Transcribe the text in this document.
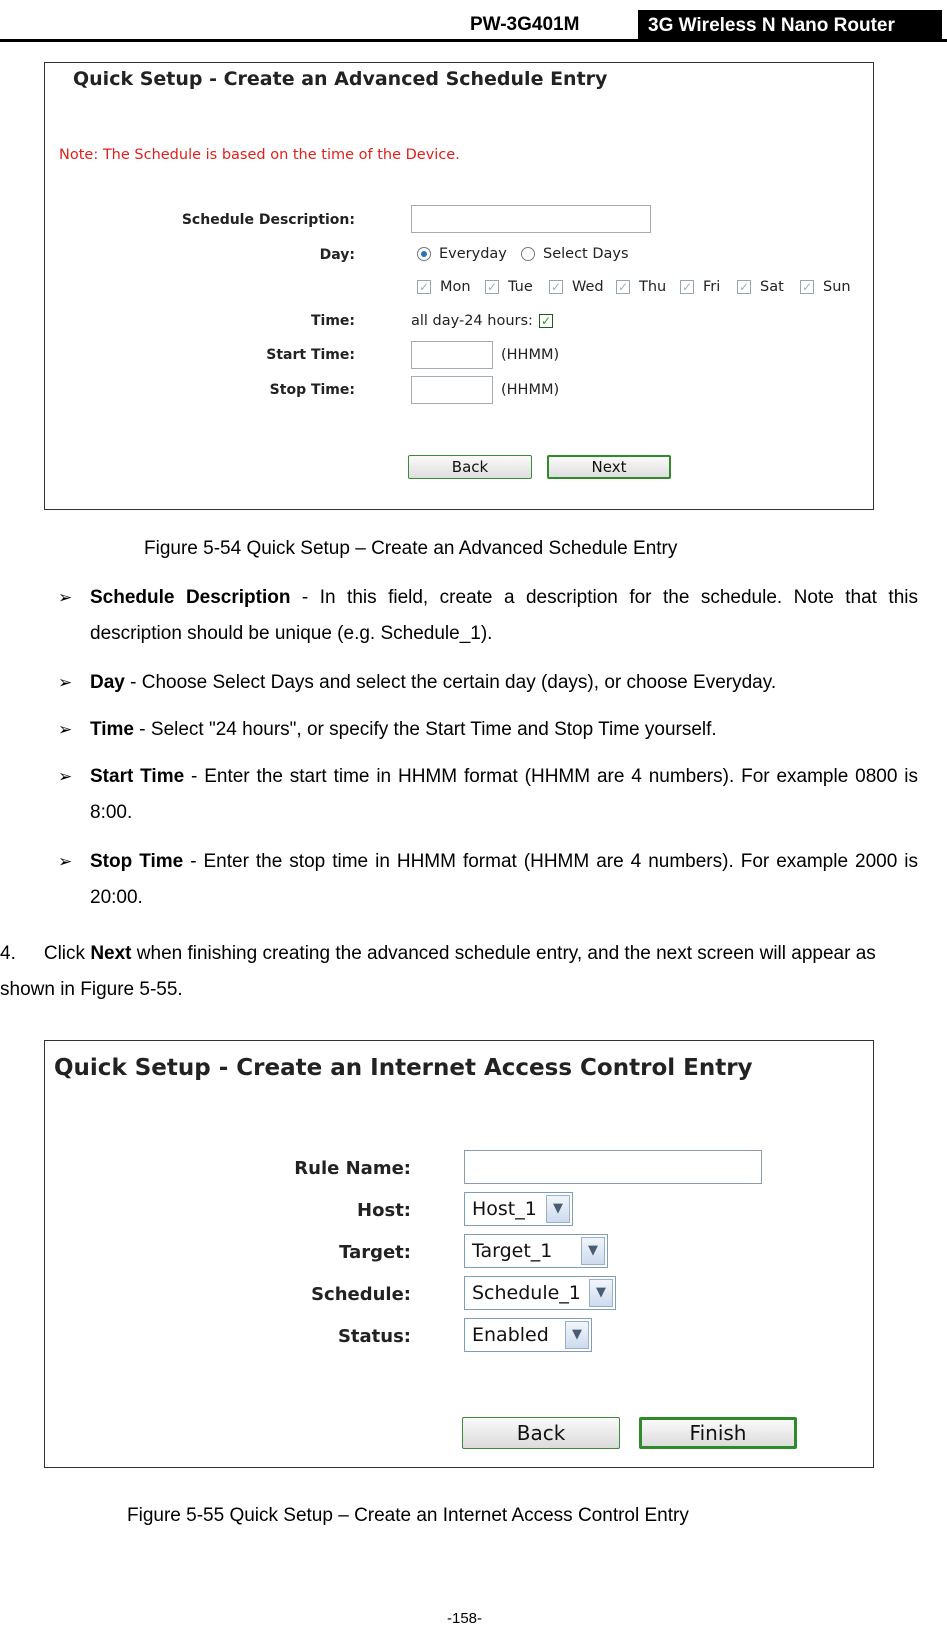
PW-3G401M	3G Wireless N Nano Router
Quick Setup - Create an Advanced Schedule Entry
Note: The Schedule is based on the time of the Device.
Schedule Description:
Day:	Everyday Select Days
✓ Mon ✓ Tue ✓ Wed ✓ Thu ✓ Fri ✓ Sat ✓ Sun
Time:	all day-24 hours: ✓
Start Time:	(HHMM)
Stop Time:	(HHMM)
Back	Next
Figure 5-54 Quick Setup – Create an Advanced Schedule Entry
➢ Schedule Description - In this field, create a description for the schedule. Note that this description should be unique (e.g. Schedule_1).
➢ Day - Choose Select Days and select the certain day (days), or choose Everyday.
➢ Time - Select "24 hours", or specify the Start Time and Stop Time yourself.
➢ Start Time - Enter the start time in HHMM format (HHMM are 4 numbers). For example 0800 is 8:00.
➢ Stop Time - Enter the stop time in HHMM format (HHMM are 4 numbers). For example 2000 is 20:00.
4. Click Next when finishing creating the advanced schedule entry, and the next screen will appear as shown in Figure 5-55.
Quick Setup - Create an Internet Access Control Entry
Rule Name:
Host:	Host_1	▼
Target:	Target_1	▼
Schedule:	Schedule_1	▼
Status:	Enabled	▼
Back	Finish
Figure 5-55 Quick Setup – Create an Internet Access Control Entry
-158-
